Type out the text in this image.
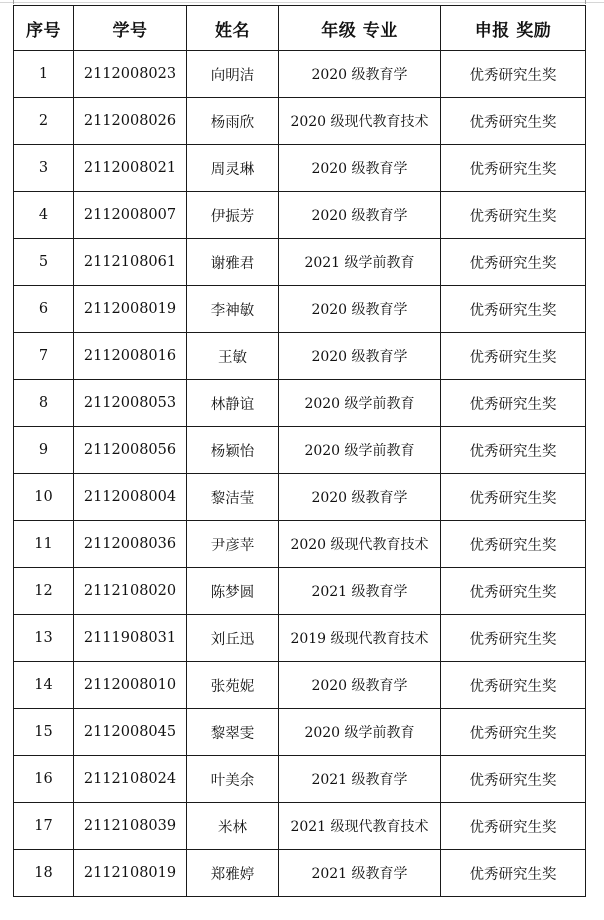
序号	学号	姓名	年级 专业	申报 奖励
1	2112008023	向明洁	2020 级教育学	优秀研究生奖
2	2112008026	杨雨欣	2020 级现代教育技术	优秀研究生奖
3	2112008021	周灵琳	2020 级教育学	优秀研究生奖
4	2112008007	伊振芳	2020 级教育学	优秀研究生奖
5	2112108061	谢雅君	2021 级学前教育	优秀研究生奖
6	2112008019	李神敏	2020 级教育学	优秀研究生奖
7	2112008016	王敏	2020 级教育学	优秀研究生奖
8	2112008053	林静谊	2020 级学前教育	优秀研究生奖
9	2112008056	杨颖怡	2020 级学前教育	优秀研究生奖
10	2112008004	黎洁莹	2020 级教育学	优秀研究生奖
11	2112008036	尹彦苹	2020 级现代教育技术	优秀研究生奖
12	2112108020	陈梦圆	2021 级教育学	优秀研究生奖
13	2111908031	刘丘迅	2019 级现代教育技术	优秀研究生奖
14	2112008010	张苑妮	2020 级教育学	优秀研究生奖
15	2112008045	黎翠雯	2020 级学前教育	优秀研究生奖
16	2112108024	叶美余	2021 级教育学	优秀研究生奖
17	2112108039	米林	2021 级现代教育技术	优秀研究生奖
18	2112108019	郑雅婷	2021 级教育学	优秀研究生奖
